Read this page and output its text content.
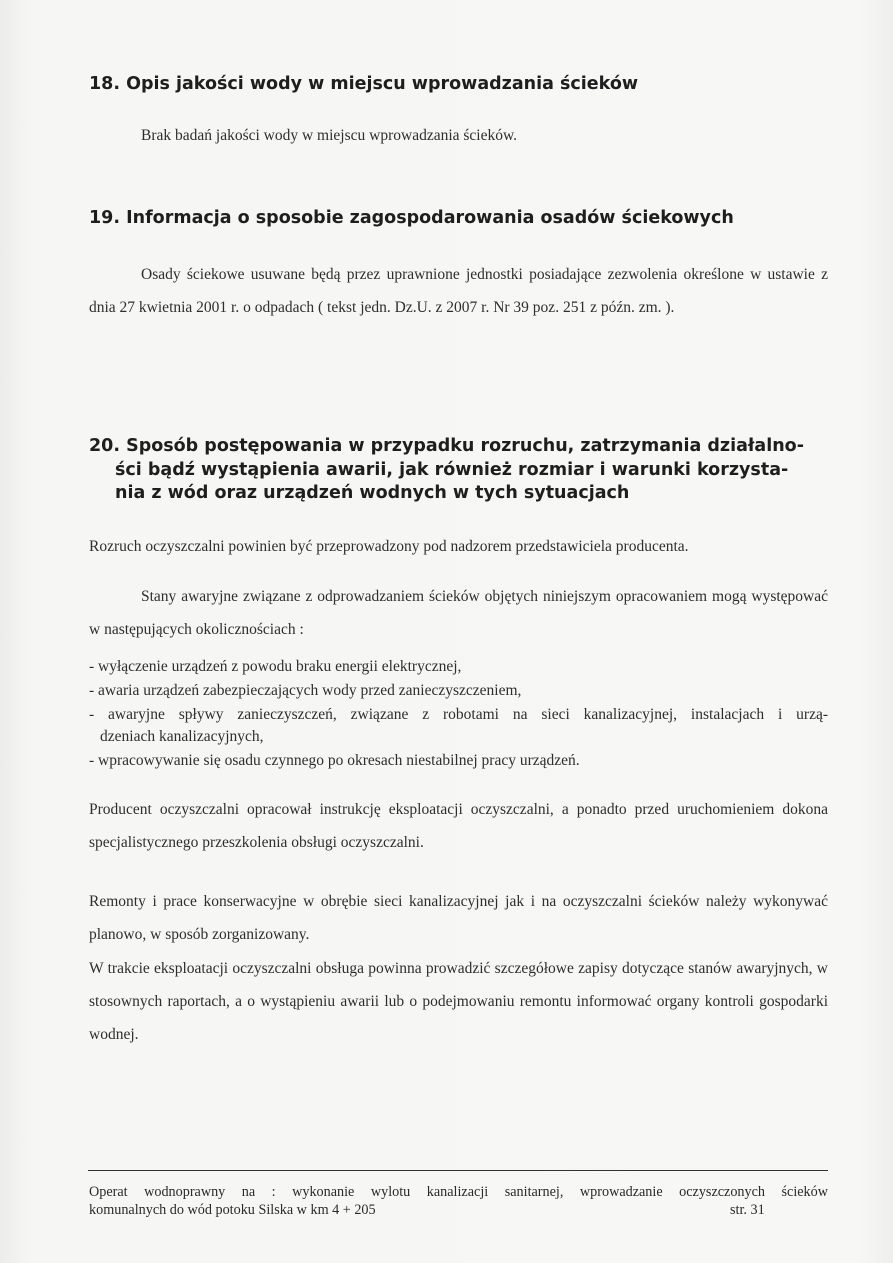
18. Opis jakości wody w miejscu wprowadzania ścieków

Brak badań jakości wody w miejscu wprowadzania ścieków.

19. Informacja o sposobie zagospodarowania osadów ściekowych

Osady ściekowe usuwane będą przez uprawnione jednostki posiadające zezwolenia określone w ustawie z dnia 27 kwietnia 2001 r. o odpadach ( tekst jedn. Dz.U. z 2007 r. Nr 39 poz. 251 z późn. zm. ).

20. Sposób postępowania w przypadku rozruchu, zatrzymania działalno-
ści bądź wystąpienia awarii, jak również rozmiar i warunki korzysta-
nia z wód oraz urządzeń wodnych w tych sytuacjach

Rozruch oczyszczalni powinien być przeprowadzony pod nadzorem przedstawiciela producenta.

Stany awaryjne związane z odprowadzaniem ścieków objętych niniejszym opracowaniem mogą występować w następujących okolicznościach :

- wyłączenie urządzeń z powodu braku energii elektrycznej,
- awaria urządzeń zabezpieczających wody przed zanieczyszczeniem,
- awaryjne spływy zanieczyszczeń, związane z robotami na sieci kanalizacyjnej, instalacjach i urzą-
dzeniach kanalizacyjnych,
- wpracowywanie się osadu czynnego po okresach niestabilnej pracy urządzeń.

Producent oczyszczalni opracował instrukcję eksploatacji oczyszczalni, a ponadto przed uruchomieniem dokona specjalistycznego przeszkolenia obsługi oczyszczalni.

Remonty i prace konserwacyjne w obrębie sieci kanalizacyjnej jak i na oczyszczalni ścieków należy wykonywać planowo, w sposób zorganizowany.

W trakcie eksploatacji oczyszczalni obsługa powinna prowadzić szczegółowe zapisy dotyczące stanów awaryjnych, w stosownych raportach, a o wystąpieniu awarii lub o podejmowaniu remontu informować organy kontroli gospodarki wodnej.

Operat wodnoprawny na : wykonanie wylotu kanalizacji sanitarnej, wprowadzanie oczyszczonych ścieków

komunalnych do wód potoku Silska w km 4 + 205	str. 31
